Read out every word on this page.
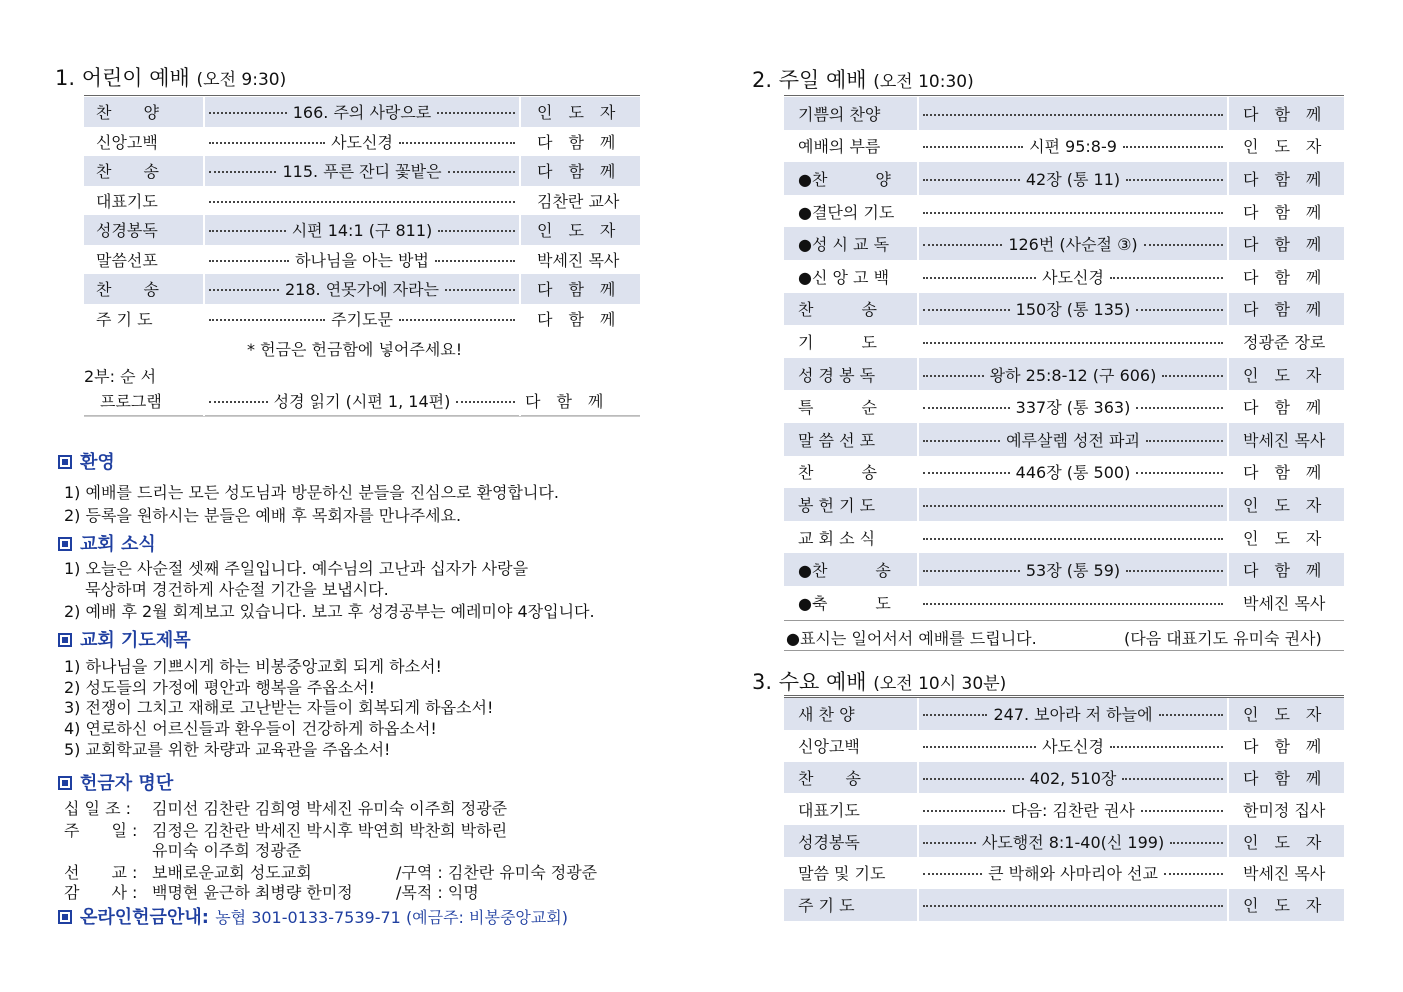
1. 어린이 예배 (오전 9:30)
찬　　양	166. 주의 사랑으로	인　도　자
신앙고백	사도신경	다　함　께
찬　　송	115. 푸른 잔디 꽃밭은	다　함　께
대표기도		김찬란 교사
성경봉독	시편 14:1 (구 811)	인　도　자
말씀선포	하나님을 아는 방법	박세진 목사
찬　　송	218. 연못가에 자라는	다　함　께
주 기 도	주기도문	다　함　께
* 헌금은 헌금함에 넣어주세요!
2부: 순 서
프로그램	성경 읽기 (시편 1, 14편)	다　함　께
환영
1) 예배를 드리는 모든 성도님과 방문하신 분들을 진심으로 환영합니다.
2) 등록을 원하시는 분들은 예배 후 목회자를 만나주세요.
교회 소식
1) 오늘은 사순절 셋째 주일입니다. 예수님의 고난과 십자가 사랑을
　 묵상하며 경건하게 사순절 기간을 보냅시다.
2) 예배 후 2월 회계보고 있습니다. 보고 후 성경공부는 예레미야 4장입니다.
교회 기도제목
1) 하나님을 기쁘시게 하는 비봉중앙교회 되게 하소서!
2) 성도들의 가정에 평안과 행복을 주옵소서!
3) 전쟁이 그치고 재해로 고난받는 자들이 회복되게 하옵소서!
4) 연로하신 어르신들과 환우들이 건강하게 하옵소서!
5) 교회학교를 위한 차량과 교육관을 주옵소서!
헌금자 명단
십 일 조 : 김미선 김찬란 김희영 박세진 유미숙 이주희 정광준
주　　일 : 김정은 김찬란 박세진 박시후 박연희 박찬희 박하린
유미숙 이주희 정광준
선　　교 : 보배로운교회 성도교회	/구역 : 김찬란 유미숙 정광준
감　　사 : 백명현 윤근하 최병량 한미정	/목적 : 익명
온라인헌금안내: 농협 301-0133-7539-71 (예금주: 비봉중앙교회)
2. 주일 예배 (오전 10:30)
기쁨의 찬양		다　함　께
예배의 부름	시편 95:8-9	인　도　자
●찬　　　양	42장 (통 11)	다　함　께
●결단의 기도		다　함　께
●성 시 교 독	126번 (사순절 ③)	다　함　께
●신 앙 고 백	사도신경	다　함　께
찬　　　송	150장 (통 135)	다　함　께
기　　　도		정광준 장로
성 경 봉 독	왕하 25:8-12 (구 606)	인　도　자
특　　　순	337장 (통 363)	다　함　께
말 씀 선 포	예루살렘 성전 파괴	박세진 목사
찬　　　송	446장 (통 500)	다　함　께
봉 헌 기 도		인　도　자
교 회 소 식		인　도　자
●찬　　　송	53장 (통 59)	다　함　께
●축　　　도		박세진 목사
●표시는 일어서서 예배를 드립니다.	(다음 대표기도 유미숙 권사)
3. 수요 예배 (오전 10시 30분)
새 찬 양	247. 보아라 저 하늘에	인　도　자
신앙고백	사도신경	다　함　께
찬　　송	402, 510장	다　함　께
대표기도	다음: 김찬란 권사	한미정 집사
성경봉독	사도행전 8:1-40(신 199)	인　도　자
말씀 및 기도	큰 박해와 사마리아 선교	박세진 목사
주 기 도		인　도　자
